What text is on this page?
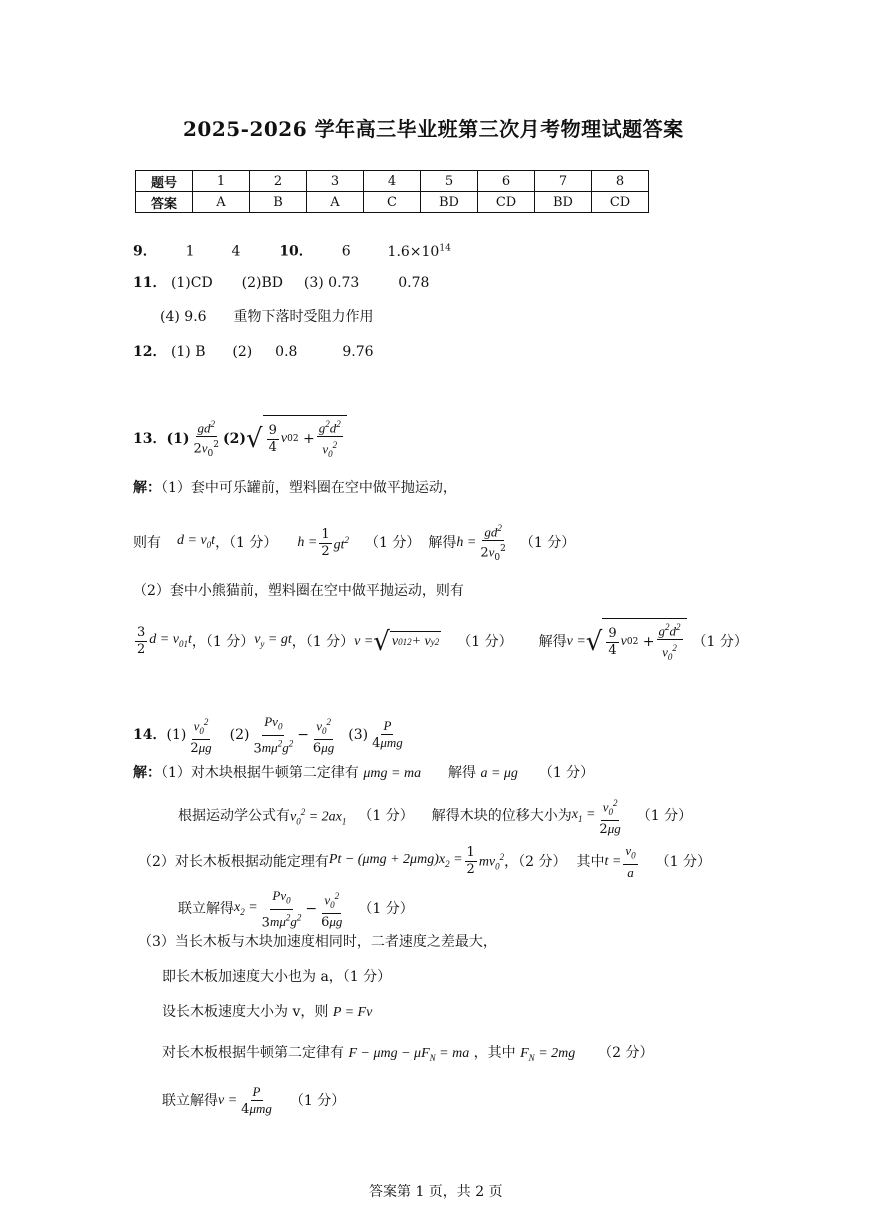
2025-2026 学年高三毕业班第三次月考物理试题答案
题号	1	2	3	4	5	6	7	8
答案	A	B	A	C	BD	CD	BD	CD
9． 1	4	10． 6	$1.6\times 10^{14}$
11． (1)CD (2)BD (3) 0.73	0.78
(4) 9.6 重物下落时受阻力作用
12． (1) B (2) 0.8	9.76
13． $(1) \frac{gd^2}{2v_0^2} (2)$ √ $\frac{9}{4}$ v 0 $2 + \frac{g^2d^2}{v_0^2}$
解：（1）套中可乐罐前，塑料圈在空中做平抛运动，
则有 $d = v_0t$ ，（1 分） $h = \frac{1}{2} gt^2$ （1 分） 解得 $h = \frac{gd^2}{2v_0^2} (1$ 分）
（2）套中小熊猫前，塑料圈在空中做平抛运动，则有
$\frac{3}{2}$ $d = v_{01}t$ ，（1 分） $v_y$ = gt ，（1 分） v = √ v 01 2 + v y 2 （1 分） 解得 v = √ $\frac{9}{4}$ v 0 $2 + \frac{g^2d^2}{v_0^2} (1$ 分）
14． $(1) \frac{v_0^2}{2\mu g} (2) \frac{Pv_0}{3m\mu^2g^2} - \frac{v_0^2}{6\mu g} (3) \frac{P}{\text{4μmg}}$
解：（1）对木块根据牛顿第二定律有 μmg = ma 解得 a = μg （1 分）
根据运动学公式有 $v_0^2 = 2ax_1$ （1 分） 解得木块的位移大小为 $x_1 = \frac{v_0^2}{2\mu g} (1$ 分）
（2）对长木板根据动能定理有 $Pt - (\mu mg + 2\mu mg)x_2 = \frac{1}{2} mv_0^2$ ，（2 分） 其中 $t = \frac{v_0}{a} (1$ 分）
联立解得 $x_2 = \frac{Pv_0}{3m\mu^2g^2} - \frac{v_0^2}{6\mu g} (1$ 分）
（3）当长木板与木块加速度相同时，二者速度之差最大，
即长木板加速度大小也为 a，（1 分）
设长木板速度大小为 v，则 P = Fv
对长木板根据牛顿第二定律有 $F - \mu mg - \mu F_N$ = ma ，其中 $F_N = 2mg$ （2 分）
联立解得 $v = \frac{P}{\text{4μmg}} (1$ 分）
答案第 1 页，共 2 页
